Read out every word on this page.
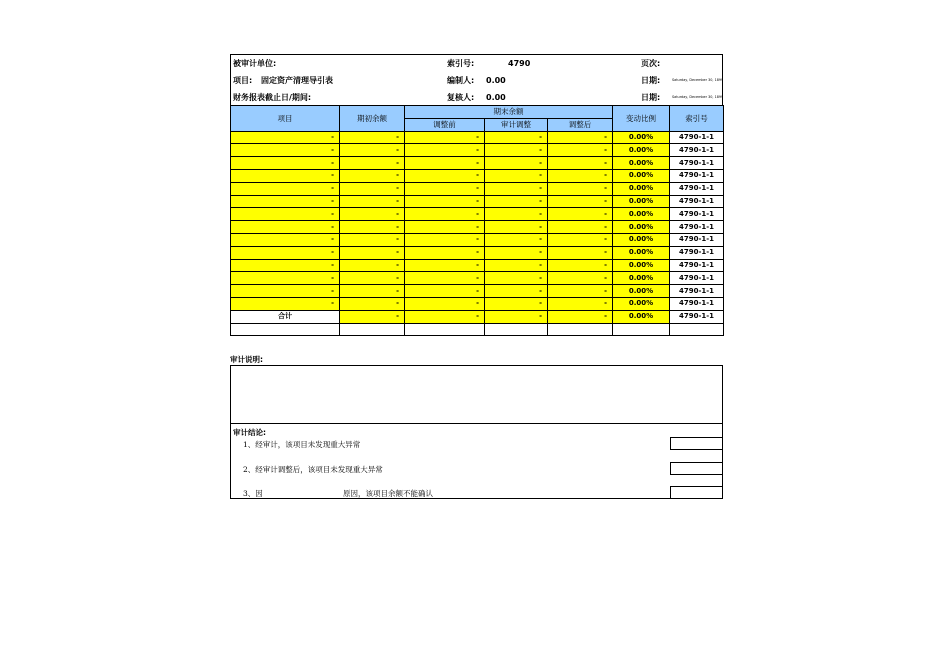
被审计单位:	索引号:	4790	页次:
项目: 固定资产清理导引表	编制人: 0.00	日期:	Saturday, December 30, 1899
财务报表截止日/期间:	复核人: 0.00	日期:	Saturday, December 30, 1899
项目	期初余额	期末余额			变动比例	索引号
		调整前	审计调整	调整后		
-	-	-	-	-	0.00%	4790-1-1
-	-	-	-	-	0.00%	4790-1-1
-	-	-	-	-	0.00%	4790-1-1
-	-	-	-	-	0.00%	4790-1-1
-	-	-	-	-	0.00%	4790-1-1
-	-	-	-	-	0.00%	4790-1-1
-	-	-	-	-	0.00%	4790-1-1
-	-	-	-	-	0.00%	4790-1-1
-	-	-	-	-	0.00%	4790-1-1
-	-	-	-	-	0.00%	4790-1-1
-	-	-	-	-	0.00%	4790-1-1
-	-	-	-	-	0.00%	4790-1-1
-	-	-	-	-	0.00%	4790-1-1
-	-	-	-	-	0.00%	4790-1-1
合计	-	-	-	-	0.00%	4790-1-1

审计说明:
审计结论:
1、经审计，该项目未发现重大异常
2、经审计调整后，该项目未发现重大异常
3、因	原因，该项目余额不能确认
